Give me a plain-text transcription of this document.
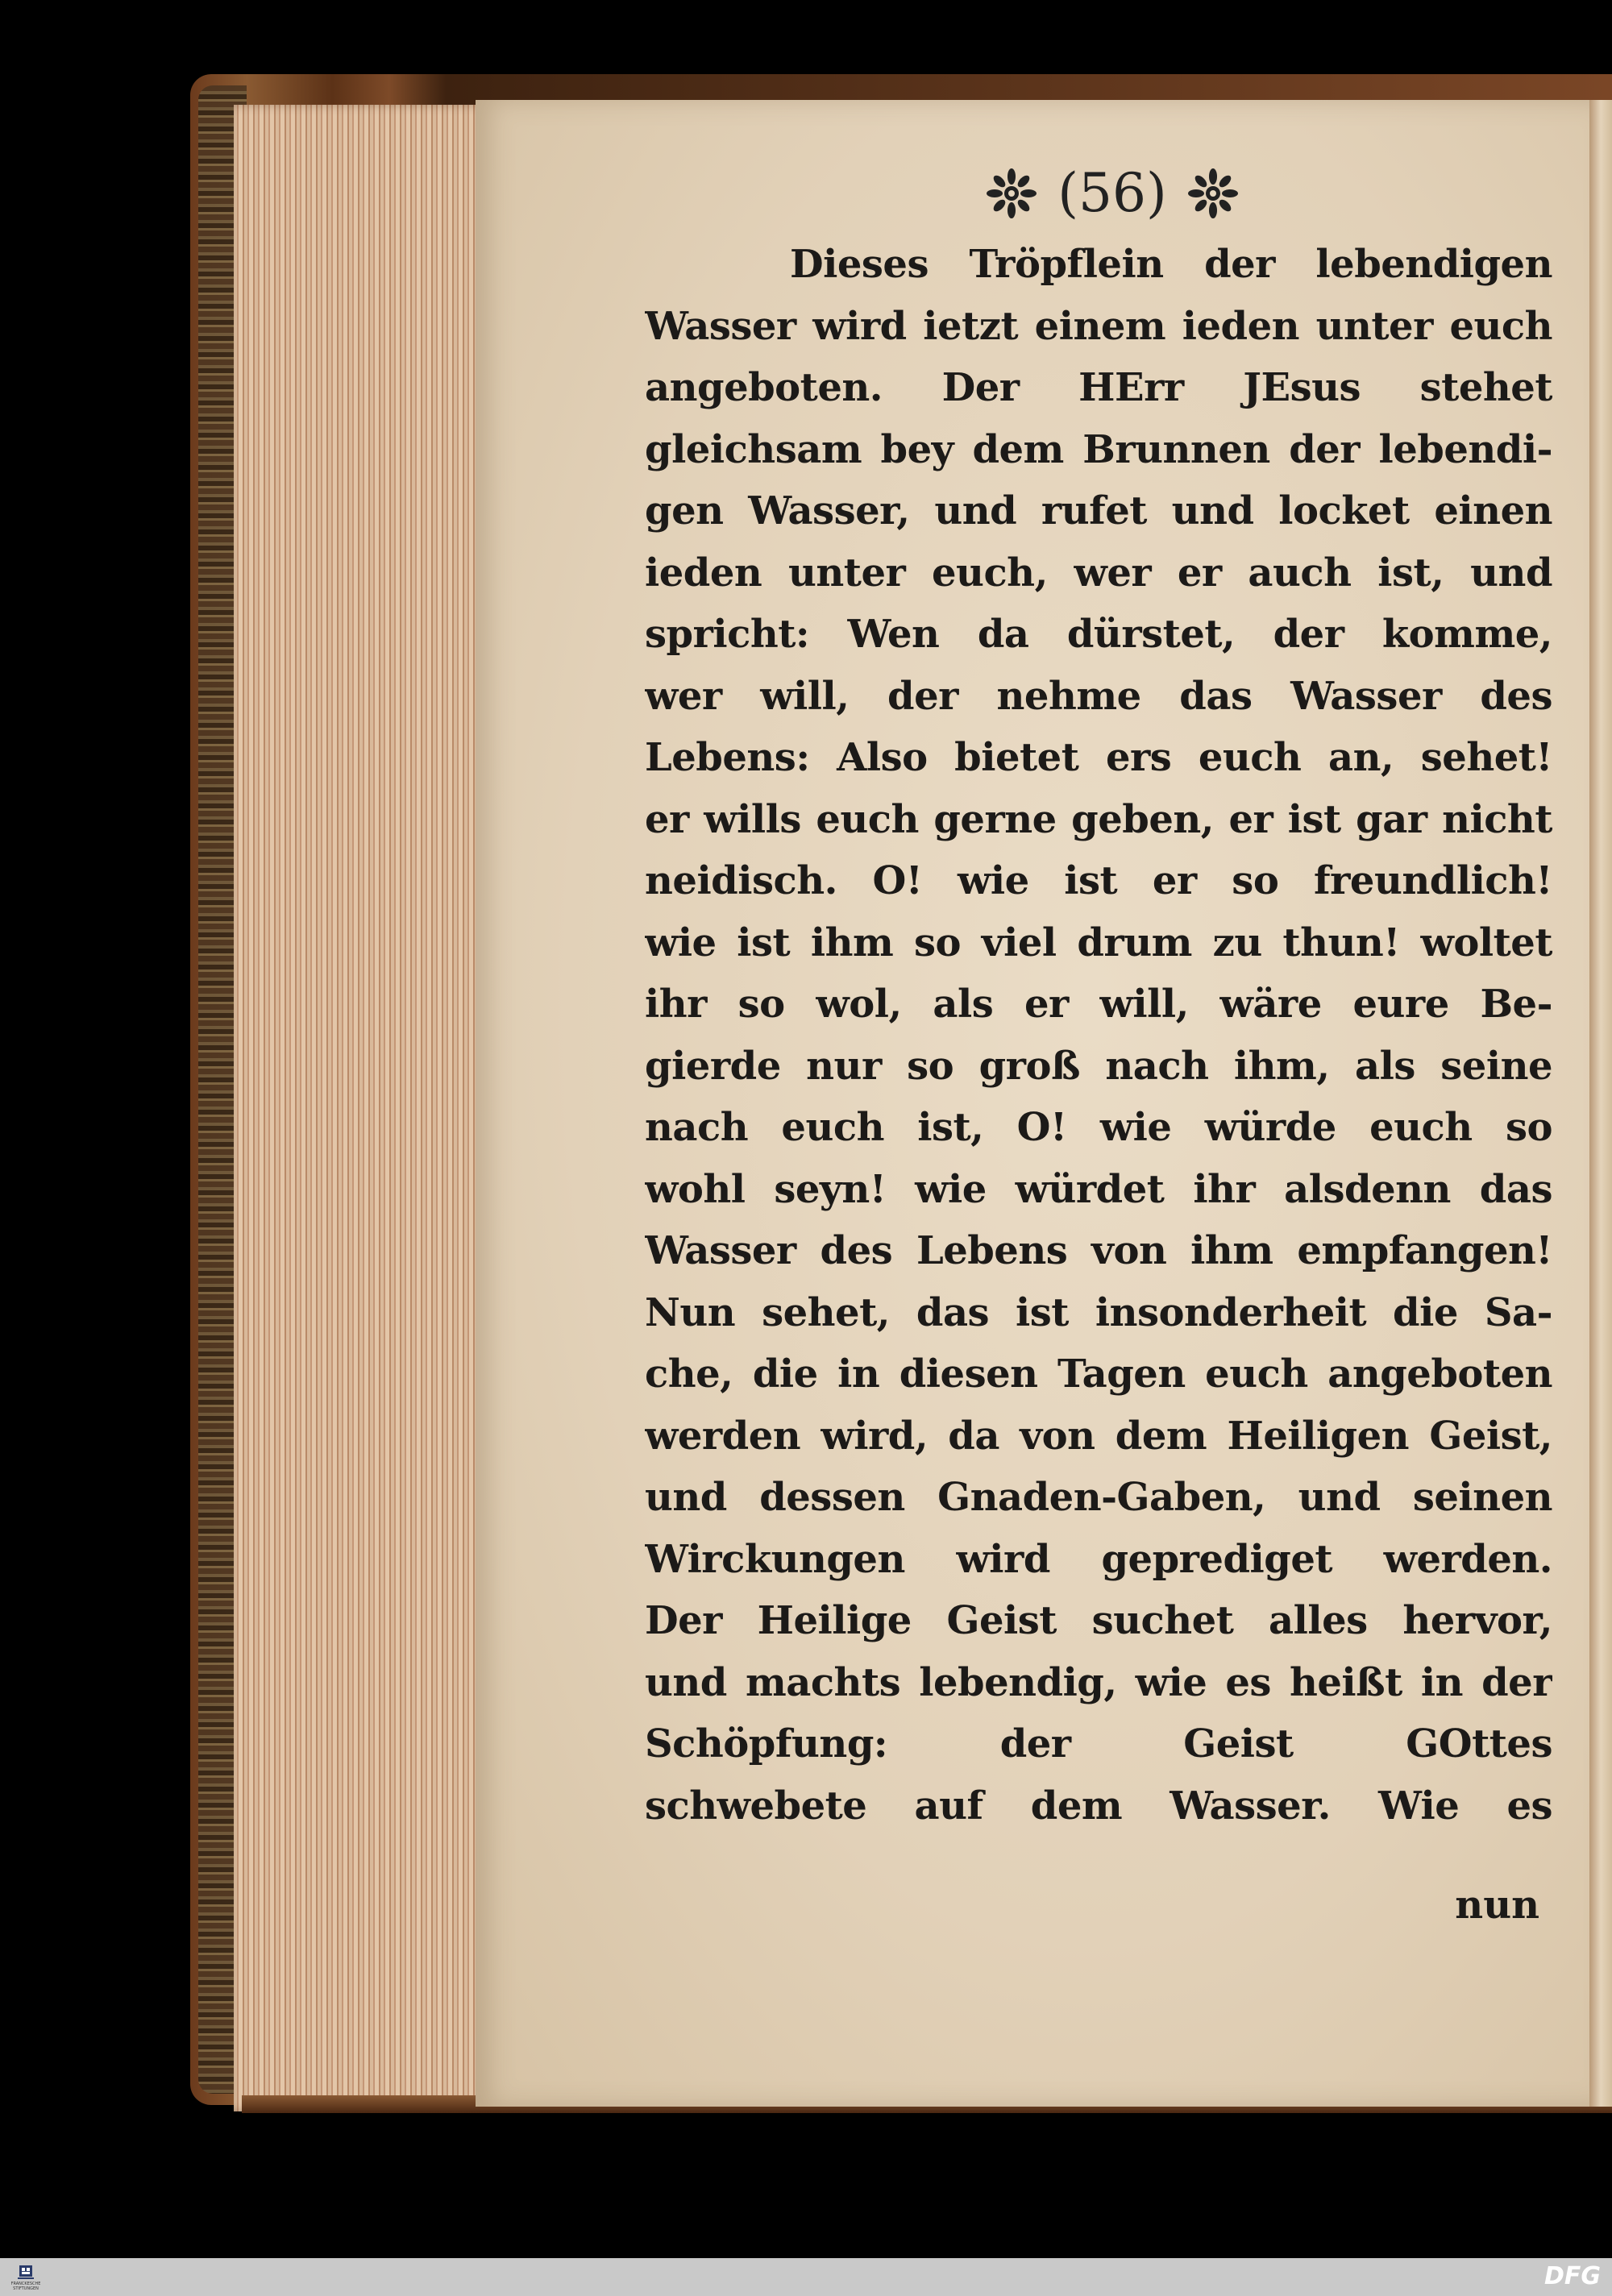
(56)
Dieses Tröpflein der lebendigen
Wasser wird ietzt einem ieden unter euch
angeboten. Der HErr JEsus stehet
gleichsam bey dem Brunnen der lebendi-
gen Wasser, und rufet und locket einen
ieden unter euch, wer er auch ist, und
spricht: Wen da dürstet, der komme,
wer will, der nehme das Wasser des
Lebens: Also bietet ers euch an, sehet!
er wills euch gerne geben, er ist gar nicht
neidisch. O! wie ist er so freundlich!
wie ist ihm so viel drum zu thun! woltet
ihr so wol, als er will, wäre eure Be-
gierde nur so groß nach ihm, als seine
nach euch ist, O! wie würde euch so
wohl seyn! wie würdet ihr alsdenn das
Wasser des Lebens von ihm empfangen!
Nun sehet, das ist insonderheit die Sa-
che, die in diesen Tagen euch angeboten
werden wird, da von dem Heiligen Geist,
und dessen Gnaden-Gaben, und seinen
Wirckungen wird geprediget werden.
Der Heilige Geist suchet alles hervor,
und machts lebendig, wie es heißt in der
Schöpfung: der Geist GOttes
schwebete auf dem Wasser. Wie es
nun
FRANCKESCHE STIFTUNGEN	DFG
